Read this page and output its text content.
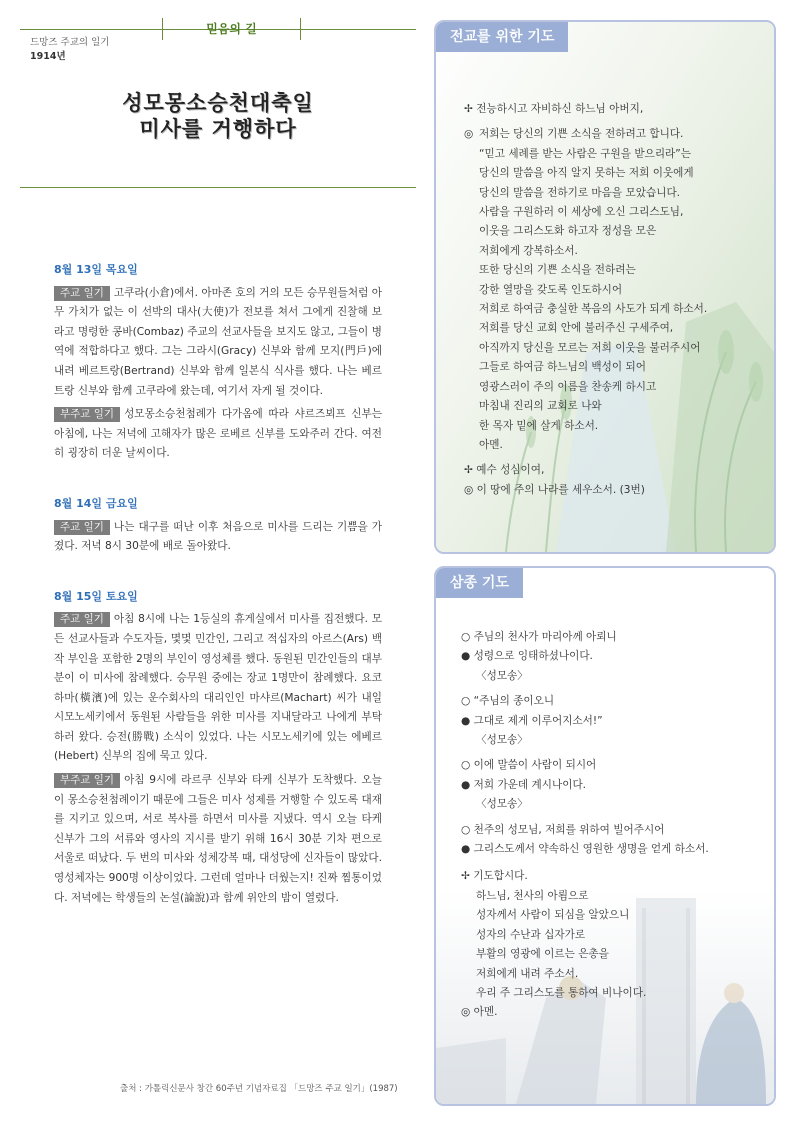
믿음의 길
드망즈 주교의 일기
1914년
성모몽소승천대축일
미사를 거행하다
8월 13일 목요일
주교 일기 고쿠라(小倉)에서. 아마존 호의 거의 모든 승무원들처럼 아무 가치가 없는 이 선박의 대사(大使)가 전보를 쳐서 그에게 진찰해 보라고 명령한 콩바(Combaz) 주교의 선교사들을 보지도 않고, 그들이 병역에 적합하다고 했다. 그는 그라시(Gracy) 신부와 함께 모지(門戶)에 내려 베르트랑(Bertrand) 신부와 함께 일본식 식사를 했다. 나는 베르트랑 신부와 함께 고쿠라에 왔는데, 여기서 자게 될 것이다.
부주교 일기 성모몽소승천첨례가 다가옴에 따라 샤르즈뵈프 신부는 아침에, 나는 저녁에 고해자가 많은 로베르 신부를 도와주러 간다. 여전히 굉장히 더운 날씨이다.
8월 14일 금요일
주교 일기 나는 대구를 떠난 이후 처음으로 미사를 드리는 기쁨을 가졌다. 저녁 8시 30분에 배로 돌아왔다.
8월 15일 토요일
주교 일기 아침 8시에 나는 1등실의 휴게실에서 미사를 집전했다. 모든 선교사들과 수도자들, 몇몇 민간인, 그리고 적십자의 아르스(Ars) 백작 부인을 포함한 2명의 부인이 영성체를 했다. 동원된 민간인들의 대부분이 이 미사에 참례했다. 승무원 중에는 장교 1명만이 참례했다. 요코하마(橫濱)에 있는 운수회사의 대리인인 마샤르(Machart) 씨가 내일 시모노세키에서 동원된 사람들을 위한 미사를 지내달라고 나에게 부탁하러 왔다. 승전(勝戰) 소식이 있었다. 나는 시모노세키에 있는 에베르(Hebert) 신부의 집에 묵고 있다.
부주교 일기 아침 9시에 라르쿠 신부와 타케 신부가 도착했다. 오늘이 몽소승천첨례이기 때문에 그들은 미사 성제를 거행할 수 있도록 대재를 지키고 있으며, 서로 복사를 하면서 미사를 지냈다. 역시 오늘 타케 신부가 그의 서류와 영사의 지시를 받기 위해 16시 30분 기차 편으로 서울로 떠났다. 두 번의 미사와 성체강복 때, 대성당에 신자들이 많았다. 영성체자는 900명 이상이었다. 그런데 얼마나 더웠는지! 진짜 찜통이었다. 저녁에는 학생들의 논설(論說)과 함께 위안의 밤이 열렸다.
출처 : 가톨릭신문사 창간 60주년 기념자료집 「드망즈 주교 일기」(1987)
전교를 위한 기도
✢ 전능하시고 자비하신 하느님 아버지,
◎ 저희는 당신의 기쁜 소식을 전하려고 합니다.
“믿고 세례를 받는 사람은 구원을 받으리라”는
당신의 말씀을 아직 알지 못하는 저희 이웃에게
당신의 말씀을 전하기로 마음을 모았습니다.
사람을 구원하러 이 세상에 오신 그리스도님,
이웃을 그리스도화 하고자 정성을 모은
저희에게 강복하소서.
또한 당신의 기쁜 소식을 전하려는
강한 열망을 갖도록 인도하시어
저희로 하여금 충실한 복음의 사도가 되게 하소서.
저희를 당신 교회 안에 불러주신 구세주여,
아직까지 당신을 모르는 저희 이웃을 불러주시어
그들로 하여금 하느님의 백성이 되어
영광스러이 주의 이름을 찬송케 하시고
마침내 진리의 교회로 나와
한 목자 밑에 살게 하소서.
아멘.
✢ 예수 성심이여,
◎ 이 땅에 주의 나라를 세우소서. (3번)
삼종 기도
○ 주님의 천사가 마리아께 아뢰니
● 성령으로 잉태하셨나이다.
〈성모송〉
○ “주님의 종이오니
● 그대로 제게 이루어지소서!”
〈성모송〉
○ 이에 말씀이 사람이 되시어
● 저희 가운데 계시나이다.
〈성모송〉
○ 천주의 성모님, 저희를 위하여 빌어주시어
● 그리스도께서 약속하신 영원한 생명을 얻게 하소서.
✢ 기도합시다.
하느님, 천사의 아룀으로
성자께서 사람이 되심을 알았으니
성자의 수난과 십자가로
부활의 영광에 이르는 은총을
저희에게 내려 주소서.
우리 주 그리스도를 통하여 비나이다.
◎ 아멘.
